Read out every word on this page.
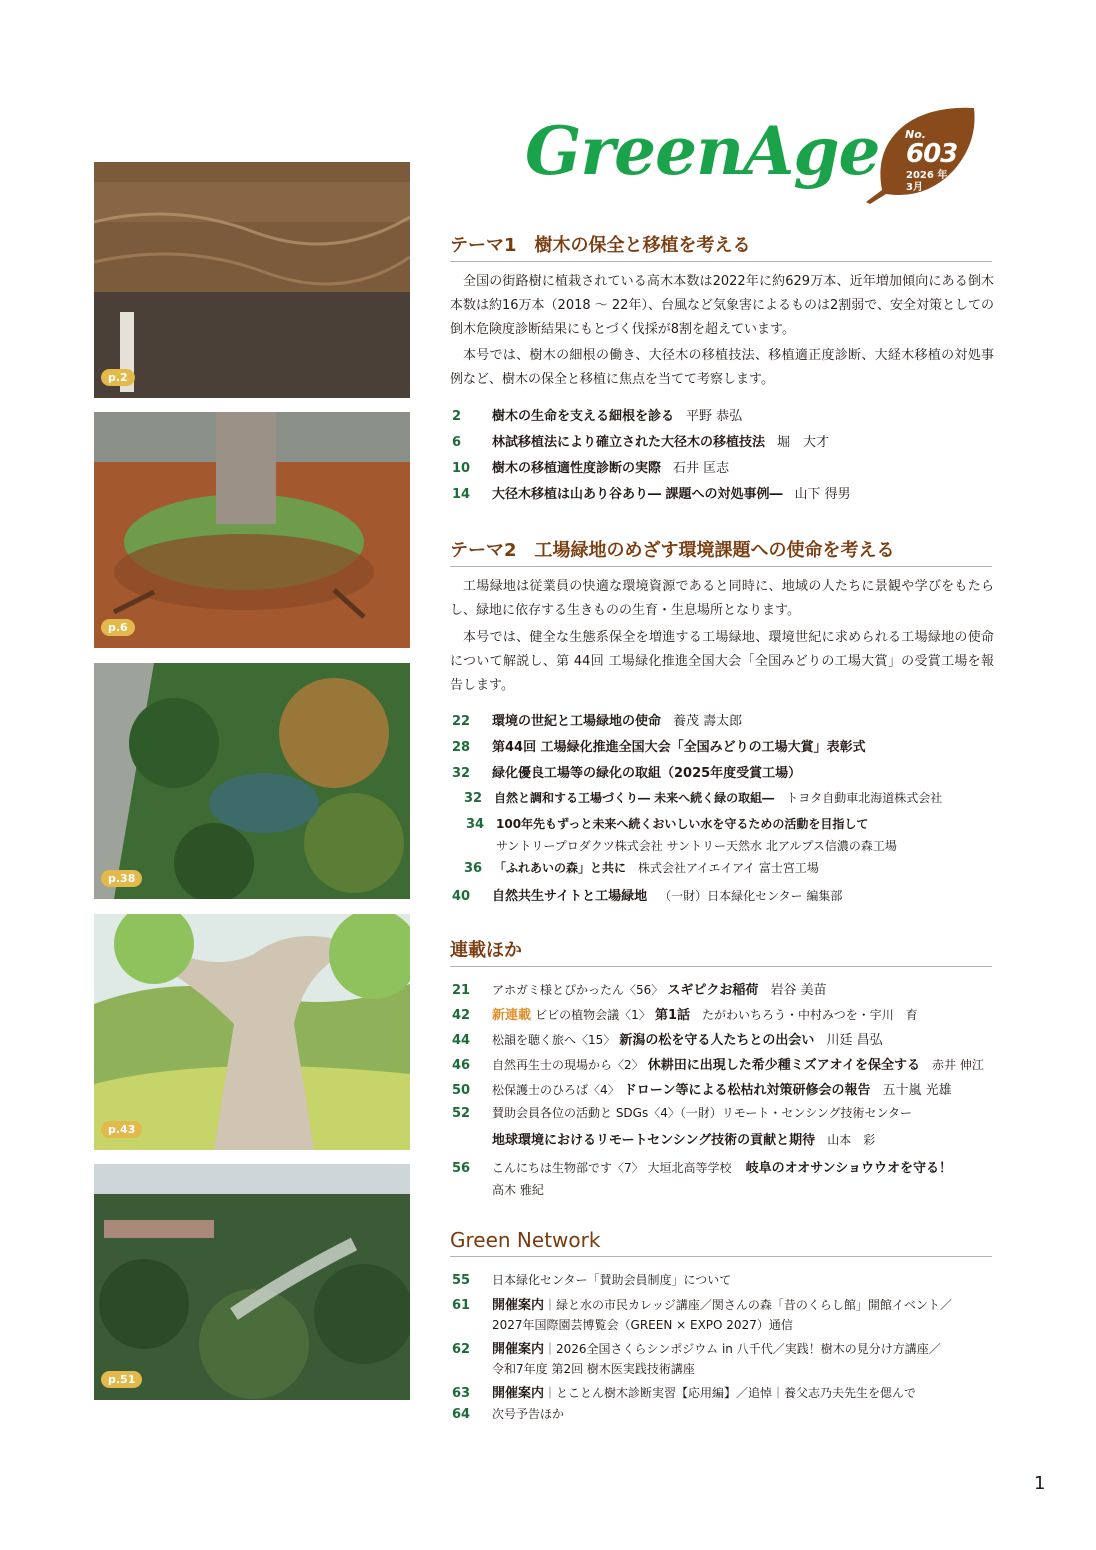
p.2
p.6
p.38
p.43
p.51
GreenAge No.
603
2026 年
3月
テーマ1　樹木の保全と移植を考える
全国の街路樹に植栽されている高木本数は2022年に約629万本、近年増加傾向にある倒木本数は約16万本（2018 〜 22年）、台風など気象害によるものは2割弱で、安全対策としての倒木危険度診断結果にもとづく伐採が8割を超えています。
本号では、樹木の細根の働き、大径木の移植技法、移植適正度診断、大経木移植の対処事例など、樹木の保全と移植に焦点を当てて考察します。
2 樹木の生命を支える細根を診る 平野 恭弘
6 林試移植法により確立された大径木の移植技法 堀　大才
10 樹木の移植適性度診断の実際 石井 匡志
14 大径木移植は山あり谷あり― 課題への対処事例― 山下 得男
テーマ2　工場緑地のめざす環境課題への使命を考える
工場緑地は従業員の快適な環境資源であると同時に、地域の人たちに景観や学びをもたらし、緑地に依存する生きものの生育・生息場所となります。
本号では、健全な生態系保全を増進する工場緑地、環境世紀に求められる工場緑地の使命について解説し、第 44回 工場緑化推進全国大会「全国みどりの工場大賞」の受賞工場を報告します。
22 環境の世紀と工場緑地の使命 養茂 壽太郎
28 第44回 工場緑化推進全国大会「全国みどりの工場大賞」表彰式
32 緑化優良工場等の緑化の取組（2025年度受賞工場）
32 自然と調和する工場づくり― 未来へ続く緑の取組― トヨタ自動車北海道株式会社
34 100年先もずっと未来へ続くおいしい水を守るための活動を目指して
サントリープロダクツ株式会社 サントリー天然水 北アルプス信濃の森工場
36 「ふれあいの森」と共に 株式会社アイエイアイ 富士宮工場
40 自然共生サイトと工場緑地 （一財）日本緑化センター 編集部
連載ほか
21 アホガミ様とぴかったん〈56〉 スギピクお稲荷 岩谷 美苗
42 新連載 ビビの植物会議〈1〉 第1話 たがわいちろう・中村みつを・宇川　育
44 松韻を聴く旅へ〈15〉 新潟の松を守る人たちとの出会い 川廷 昌弘
46 自然再生士の現場から〈2〉 休耕田に出現した希少種ミズアオイを保全する 赤井 伸江
50 松保護士のひろば〈4〉 ドローン等による松枯れ対策研修会の報告 五十嵐 光雄
52 賛助会員各位の活動と SDGs〈4〉（一財）リモート・センシング技術センター
地球環境におけるリモートセンシング技術の貢献と期待 山本　彩
56 こんにちは生物部です〈7〉 大垣北高等学校 岐阜のオオサンショウウオを守る！
高木 雅紀
Green Network
55 日本緑化センター「賛助会員制度」について
61 開催案内｜緑と水の市民カレッジ講座／関さんの森「昔のくらし館」開館イベント／
2027年国際園芸博覧会（GREEN × EXPO 2027）通信
62 開催案内｜2026全国さくらシンポジウム in 八千代／実践！樹木の見分け方講座／
令和7年度 第2回 樹木医実践技術講座
63 開催案内｜とことん樹木診断実習【応用編】／追悼｜養父志乃夫先生を偲んで
64 次号予告ほか
1
